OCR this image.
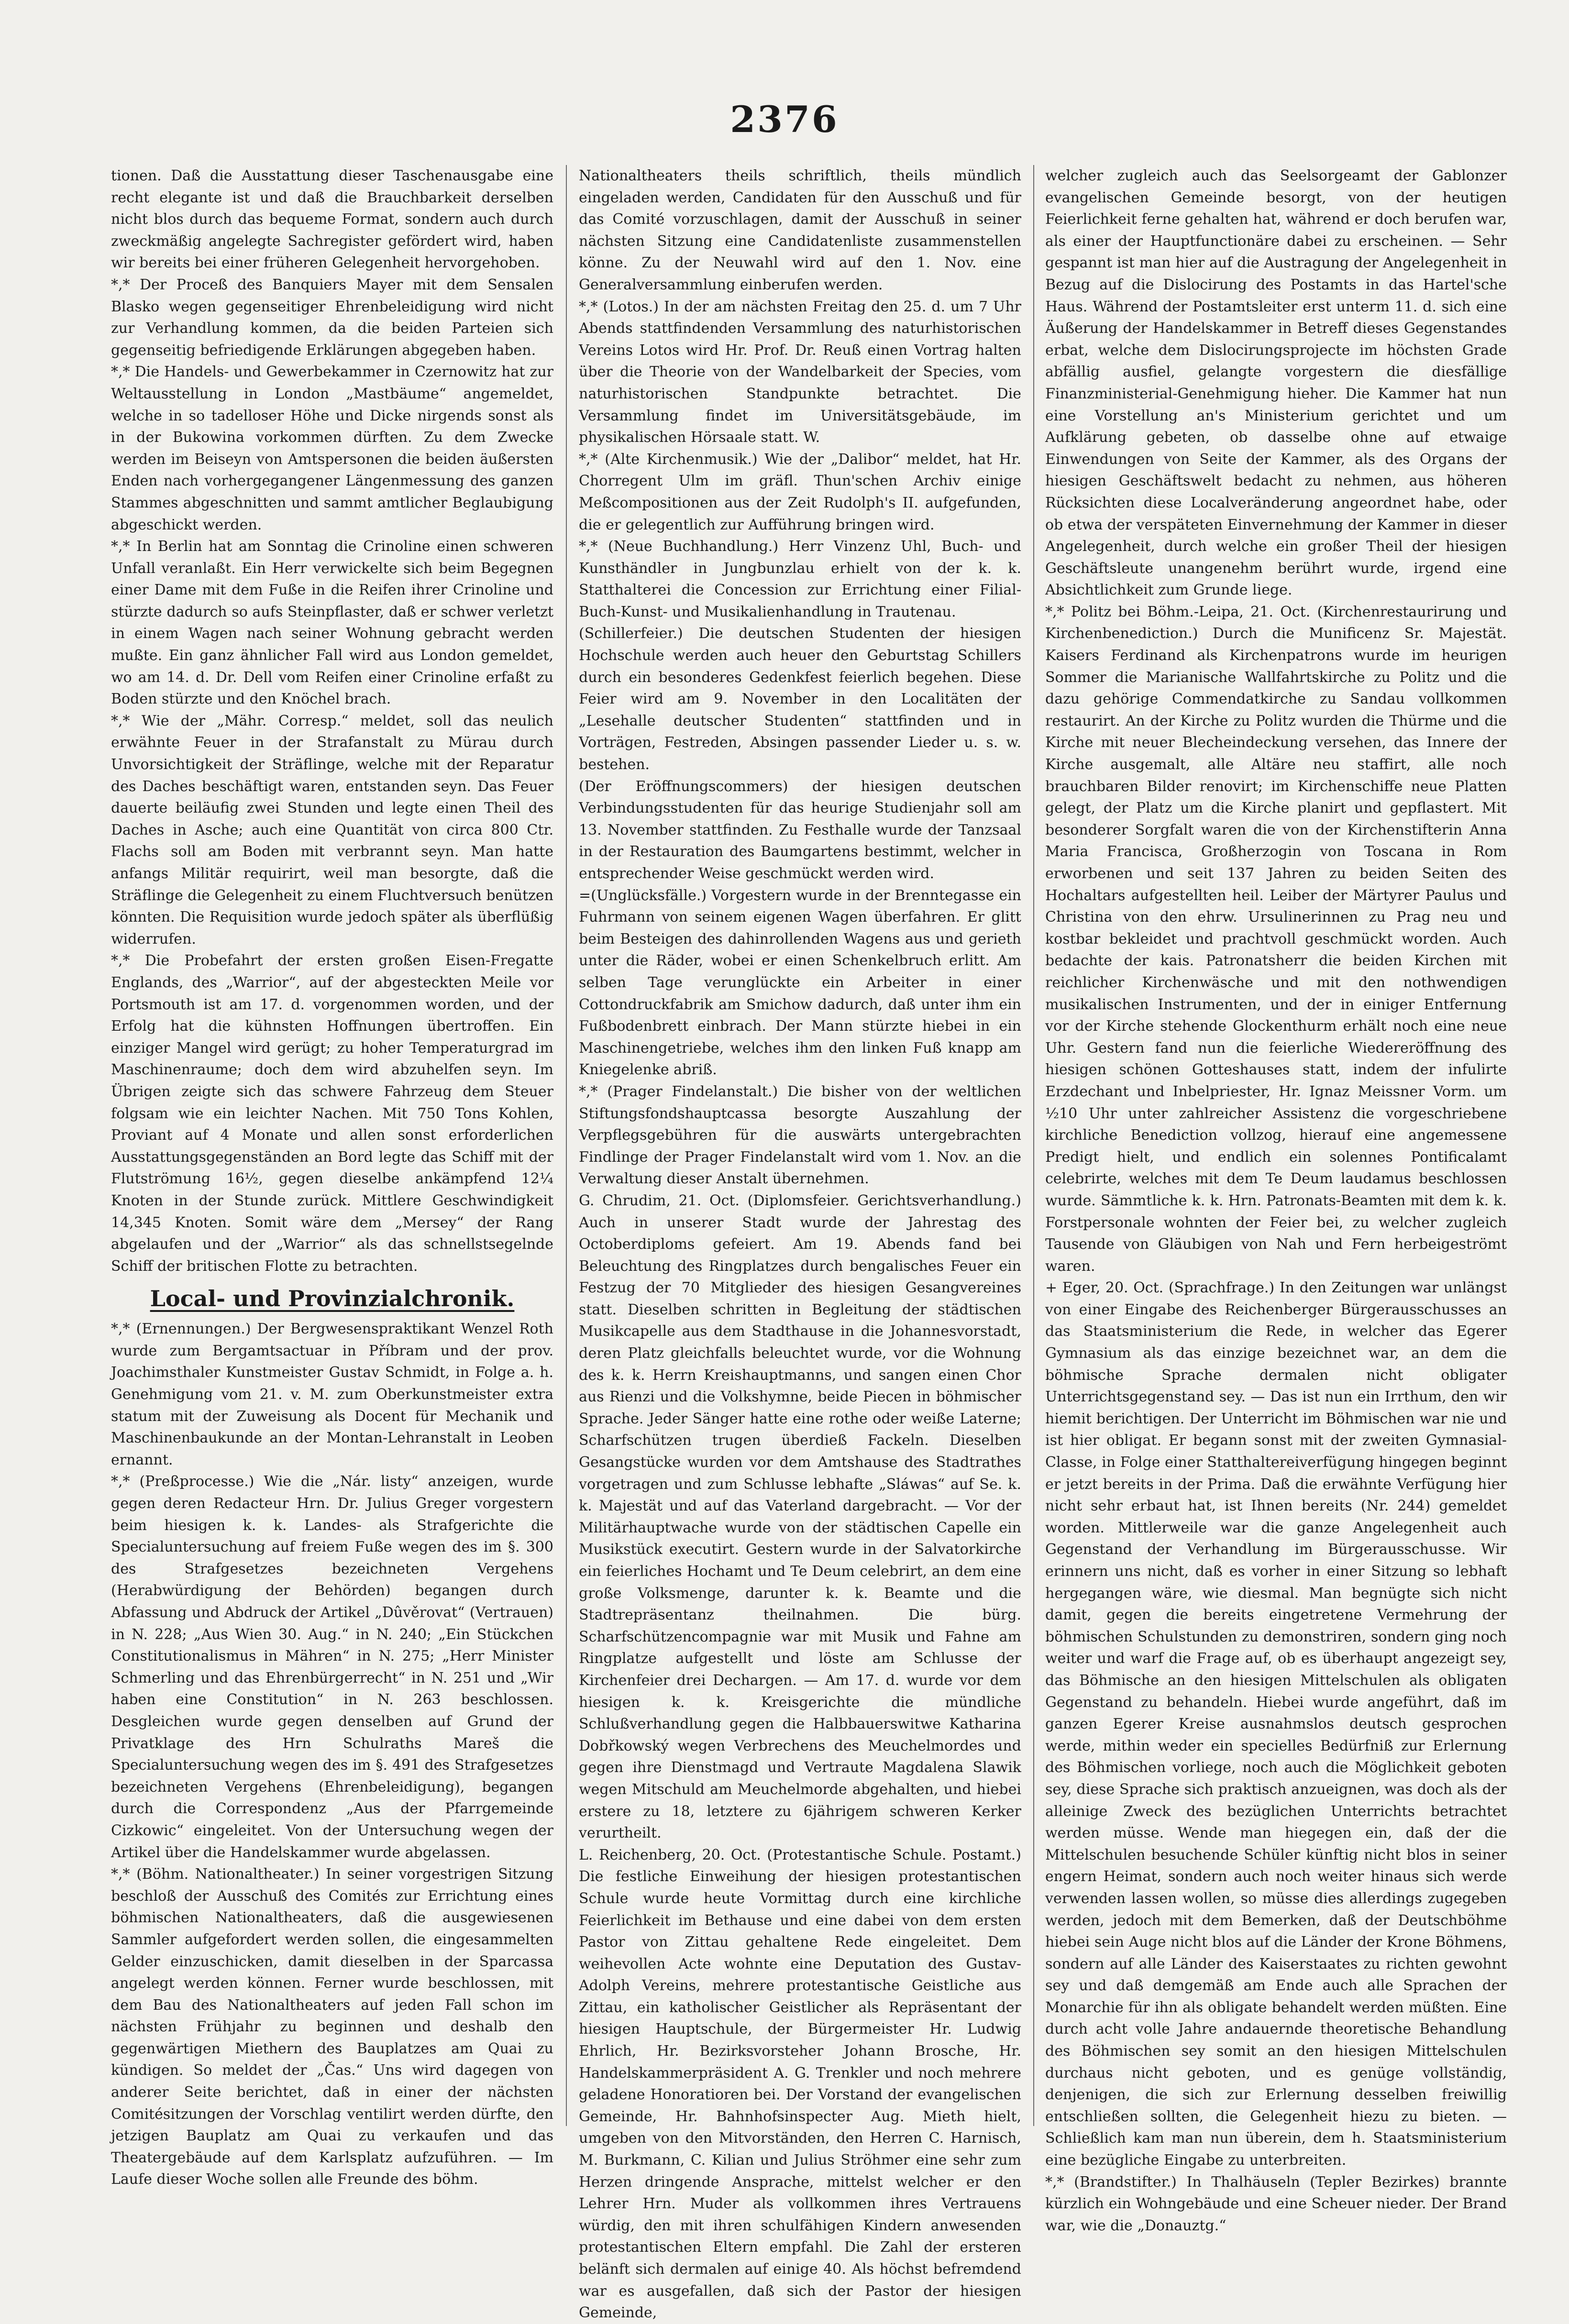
2376

tionen. Daß die Ausstattung dieser Taschenausgabe eine recht elegante ist und daß die Brauchbarkeit derselben nicht blos durch das bequeme Format, sondern auch durch zweckmäßig angelegte Sachregister gefördert wird, haben wir bereits bei einer früheren Gelegenheit hervorgehoben.

*,* Der Proceß des Banquiers Mayer mit dem Sensalen Blasko wegen gegenseitiger Ehrenbeleidigung wird nicht zur Verhandlung kommen, da die beiden Parteien sich gegenseitig befriedigende Erklärungen abgegeben haben.

*,* Die Handels- und Gewerbekammer in Czernowitz hat zur Weltausstellung in London „Mastbäume“ angemeldet, welche in so tadelloser Höhe und Dicke nirgends sonst als in der Bukowina vorkommen dürften. Zu dem Zwecke werden im Beiseyn von Amtspersonen die beiden äußersten Enden nach vorhergegangener Längenmessung des ganzen Stammes abgeschnitten und sammt amtlicher Beglaubigung abgeschickt werden.

*,* In Berlin hat am Sonntag die Crinoline einen schweren Unfall veranlaßt. Ein Herr verwickelte sich beim Begegnen einer Dame mit dem Fuße in die Reifen ihrer Crinoline und stürzte dadurch so aufs Steinpflaster, daß er schwer verletzt in einem Wagen nach seiner Wohnung gebracht werden mußte. Ein ganz ähnlicher Fall wird aus London gemeldet, wo am 14. d. Dr. Dell vom Reifen einer Crinoline erfaßt zu Boden stürzte und den Knöchel brach.

*,* Wie der „Mähr. Corresp.“ meldet, soll das neulich erwähnte Feuer in der Strafanstalt zu Mürau durch Unvorsichtigkeit der Sträflinge, welche mit der Reparatur des Daches beschäftigt waren, entstanden seyn. Das Feuer dauerte beiläufig zwei Stunden und legte einen Theil des Daches in Asche; auch eine Quantität von circa 800 Ctr. Flachs soll am Boden mit verbrannt seyn. Man hatte anfangs Militär requirirt, weil man besorgte, daß die Sträflinge die Gelegenheit zu einem Fluchtversuch benützen könnten. Die Requisition wurde jedoch später als überflüßig widerrufen.

*,* Die Probefahrt der ersten großen Eisen-Fregatte Englands, des „Warrior“, auf der abgesteckten Meile vor Portsmouth ist am 17. d. vorgenommen worden, und der Erfolg hat die kühnsten Hoffnungen übertroffen. Ein einziger Mangel wird gerügt; zu hoher Temperaturgrad im Maschinenraume; doch dem wird abzuhelfen seyn. Im Übrigen zeigte sich das schwere Fahrzeug dem Steuer folgsam wie ein leichter Nachen. Mit 750 Tons Kohlen, Proviant auf 4 Monate und allen sonst erforderlichen Ausstattungsgegenständen an Bord legte das Schiff mit der Flutströmung 16½, gegen dieselbe ankämpfend 12¼ Knoten in der Stunde zurück. Mittlere Geschwindigkeit 14,345 Knoten. Somit wäre dem „Mersey“ der Rang abgelaufen und der „Warrior“ als das schnellstsegelnde Schiff der britischen Flotte zu betrachten.

Local- und Provinzialchronik.

*,* (Ernennungen.) Der Bergwesenspraktikant Wenzel Roth wurde zum Bergamtsactuar in Příbram und der prov. Joachimsthaler Kunstmeister Gustav Schmidt, in Folge a. h. Genehmigung vom 21. v. M. zum Oberkunstmeister extra statum mit der Zuweisung als Docent für Mechanik und Maschinenbaukunde an der Montan-Lehranstalt in Leoben ernannt.

*,* (Preßprocesse.) Wie die „Nár. listy“ anzeigen, wurde gegen deren Redacteur Hrn. Dr. Julius Greger vorgestern beim hiesigen k. k. Landes- als Strafgerichte die Specialuntersuchung auf freiem Fuße wegen des im §. 300 des Strafgesetzes bezeichneten Vergehens (Herabwürdigung der Behörden) begangen durch Abfassung und Abdruck der Artikel „Dûvěrovat“ (Vertrauen) in N. 228; „Aus Wien 30. Aug.“ in N. 240; „Ein Stückchen Constitutionalismus in Mähren“ in N. 275; „Herr Minister Schmerling und das Ehrenbürgerrecht“ in N. 251 und „Wir haben eine Constitution“ in N. 263 beschlossen. Desgleichen wurde gegen denselben auf Grund der Privatklage des Hrn Schulraths Mareš die Specialuntersuchung wegen des im §. 491 des Strafgesetzes bezeichneten Vergehens (Ehrenbeleidigung), begangen durch die Correspondenz „Aus der Pfarrgemeinde Cizkowic“ eingeleitet. Von der Untersuchung wegen der Artikel über die Handelskammer wurde abgelassen.

*,* (Böhm. Nationaltheater.) In seiner vorgestrigen Sitzung beschloß der Ausschuß des Comités zur Errichtung eines böhmischen Nationaltheaters, daß die ausgewiesenen Sammler aufgefordert werden sollen, die eingesammelten Gelder einzuschicken, damit dieselben in der Sparcassa angelegt werden können. Ferner wurde beschlossen, mit dem Bau des Nationaltheaters auf jeden Fall schon im nächsten Frühjahr zu beginnen und deshalb den gegenwärtigen Miethern des Bauplatzes am Quai zu kündigen. So meldet der „Čas.“ Uns wird dagegen von anderer Seite berichtet, daß in einer der nächsten Comitésitzungen der Vorschlag ventilirt werden dürfte, den jetzigen Bauplatz am Quai zu verkaufen und das Theatergebäude auf dem Karlsplatz aufzuführen. — Im Laufe dieser Woche sollen alle Freunde des böhm.

Nationaltheaters theils schriftlich, theils mündlich eingeladen werden, Candidaten für den Ausschuß und für das Comité vorzuschlagen, damit der Ausschuß in seiner nächsten Sitzung eine Candidatenliste zusammenstellen könne. Zu der Neuwahl wird auf den 1. Nov. eine Generalversammlung einberufen werden.

*,* (Lotos.) In der am nächsten Freitag den 25. d. um 7 Uhr Abends stattfindenden Versammlung des naturhistorischen Vereins Lotos wird Hr. Prof. Dr. Reuß einen Vortrag halten über die Theorie von der Wandelbarkeit der Species, vom naturhistorischen Standpunkte betrachtet. Die Versammlung findet im Universitätsgebäude, im physikalischen Hörsaale statt. W.

*,* (Alte Kirchenmusik.) Wie der „Dalibor“ meldet, hat Hr. Chorregent Ulm im gräfl. Thun'schen Archiv einige Meßcompositionen aus der Zeit Rudolph's II. aufgefunden, die er gelegentlich zur Aufführung bringen wird.

*,* (Neue Buchhandlung.) Herr Vinzenz Uhl, Buch- und Kunsthändler in Jungbunzlau erhielt von der k. k. Statthalterei die Concession zur Errichtung einer Filial-Buch-Kunst- und Musikalienhandlung in Trautenau.

(Schillerfeier.) Die deutschen Studenten der hiesigen Hochschule werden auch heuer den Geburtstag Schillers durch ein besonderes Gedenkfest feierlich begehen. Diese Feier wird am 9. November in den Localitäten der „Lesehalle deutscher Studenten“ stattfinden und in Vorträgen, Festreden, Absingen passender Lieder u. s. w. bestehen.

(Der Eröffnungscommers) der hiesigen deutschen Verbindungsstudenten für das heurige Studienjahr soll am 13. November stattfinden. Zu Festhalle wurde der Tanzsaal in der Restauration des Baumgartens bestimmt, welcher in entsprechender Weise geschmückt werden wird.

=(Unglücksfälle.) Vorgestern wurde in der Brenntegasse ein Fuhrmann von seinem eigenen Wagen überfahren. Er glitt beim Besteigen des dahinrollenden Wagens aus und gerieth unter die Räder, wobei er einen Schenkelbruch erlitt. Am selben Tage verunglückte ein Arbeiter in einer Cottondruckfabrik am Smichow dadurch, daß unter ihm ein Fußbodenbrett einbrach. Der Mann stürzte hiebei in ein Maschinengetriebe, welches ihm den linken Fuß knapp am Kniegelenke abriß.

*,* (Prager Findelanstalt.) Die bisher von der weltlichen Stiftungsfondshauptcassa besorgte Auszahlung der Verpflegsgebühren für die auswärts untergebrachten Findlinge der Prager Findelanstalt wird vom 1. Nov. an die Verwaltung dieser Anstalt übernehmen.

G. Chrudim, 21. Oct. (Diplomsfeier. Gerichtsverhandlung.) Auch in unserer Stadt wurde der Jahrestag des Octoberdiploms gefeiert. Am 19. Abends fand bei Beleuchtung des Ringplatzes durch bengalisches Feuer ein Festzug der 70 Mitglieder des hiesigen Gesangvereines statt. Dieselben schritten in Begleitung der städtischen Musikcapelle aus dem Stadthause in die Johannesvorstadt, deren Platz gleichfalls beleuchtet wurde, vor die Wohnung des k. k. Herrn Kreishauptmanns, und sangen einen Chor aus Rienzi und die Volkshymne, beide Piecen in böhmischer Sprache. Jeder Sänger hatte eine rothe oder weiße Laterne; Scharfschützen trugen überdieß Fackeln. Dieselben Gesangstücke wurden vor dem Amtshause des Stadtrathes vorgetragen und zum Schlusse lebhafte „Sláwas“ auf Se. k. k. Majestät und auf das Vaterland dargebracht. — Vor der Militärhauptwache wurde von der städtischen Capelle ein Musikstück executirt. Gestern wurde in der Salvatorkirche ein feierliches Hochamt und Te Deum celebrirt, an dem eine große Volksmenge, darunter k. k. Beamte und die Stadtrepräsentanz theilnahmen. Die bürg. Scharfschützencompagnie war mit Musik und Fahne am Ringplatze aufgestellt und löste am Schlusse der Kirchenfeier drei Dechargen. — Am 17. d. wurde vor dem hiesigen k. k. Kreisgerichte die mündliche Schlußverhandlung gegen die Halbbauerswitwe Katharina Dobřkowský wegen Verbrechens des Meuchelmordes und gegen ihre Dienstmagd und Vertraute Magdalena Slawik wegen Mitschuld am Meuchelmorde abgehalten, und hiebei erstere zu 18, letztere zu 6jährigem schweren Kerker verurtheilt.

L. Reichenberg, 20. Oct. (Protestantische Schule. Postamt.) Die festliche Einweihung der hiesigen protestantischen Schule wurde heute Vormittag durch eine kirchliche Feierlichkeit im Bethause und eine dabei von dem ersten Pastor von Zittau gehaltene Rede eingeleitet. Dem weihevollen Acte wohnte eine Deputation des Gustav-Adolph Vereins, mehrere protestantische Geistliche aus Zittau, ein katholischer Geistlicher als Repräsentant der hiesigen Hauptschule, der Bürgermeister Hr. Ludwig Ehrlich, Hr. Bezirksvorsteher Johann Brosche, Hr. Handelskammerpräsident A. G. Trenkler und noch mehrere geladene Honoratioren bei. Der Vorstand der evangelischen Gemeinde, Hr. Bahnhofsinspecter Aug. Mieth hielt, umgeben von den Mitvorständen, den Herren C. Harnisch, M. Burkmann, C. Kilian und Julius Ströhmer eine sehr zum Herzen dringende Ansprache, mittelst welcher er den Lehrer Hrn. Muder als vollkommen ihres Vertrauens würdig, den mit ihren schulfähigen Kindern anwesenden protestantischen Eltern empfahl. Die Zahl der ersteren belänft sich dermalen auf einige 40. Als höchst befremdend war es ausgefallen, daß sich der Pastor der hiesigen Gemeinde,

welcher zugleich auch das Seelsorgeamt der Gablonzer evangelischen Gemeinde besorgt, von der heutigen Feierlichkeit ferne gehalten hat, während er doch berufen war, als einer der Hauptfunctionäre dabei zu erscheinen. — Sehr gespannt ist man hier auf die Austragung der Angelegenheit in Bezug auf die Dislocirung des Postamts in das Hartel'sche Haus. Während der Postamtsleiter erst unterm 11. d. sich eine Äußerung der Handelskammer in Betreff dieses Gegenstandes erbat, welche dem Dislocirungsprojecte im höchsten Grade abfällig ausfiel, gelangte vorgestern die diesfällige Finanzministerial-Genehmigung hieher. Die Kammer hat nun eine Vorstellung an's Ministerium gerichtet und um Aufklärung gebeten, ob dasselbe ohne auf etwaige Einwendungen von Seite der Kammer, als des Organs der hiesigen Geschäftswelt bedacht zu nehmen, aus höheren Rücksichten diese Localveränderung angeordnet habe, oder ob etwa der verspäteten Einvernehmung der Kammer in dieser Angelegenheit, durch welche ein großer Theil der hiesigen Geschäftsleute unangenehm berührt wurde, irgend eine Absichtlichkeit zum Grunde liege.

*,* Politz bei Böhm.-Leipa, 21. Oct. (Kirchenrestaurirung und Kirchenbenediction.) Durch die Munificenz Sr. Majestät. Kaisers Ferdinand als Kirchenpatrons wurde im heurigen Sommer die Marianische Wallfahrtskirche zu Politz und die dazu gehörige Commendatkirche zu Sandau vollkommen restaurirt. An der Kirche zu Politz wurden die Thürme und die Kirche mit neuer Blecheindeckung versehen, das Innere der Kirche ausgemalt, alle Altäre neu staffirt, alle noch brauchbaren Bilder renovirt; im Kirchenschiffe neue Platten gelegt, der Platz um die Kirche planirt und gepflastert. Mit besonderer Sorgfalt waren die von der Kirchenstifterin Anna Maria Francisca, Großherzogin von Toscana in Rom erworbenen und seit 137 Jahren zu beiden Seiten des Hochaltars aufgestellten heil. Leiber der Märtyrer Paulus und Christina von den ehrw. Ursulinerinnen zu Prag neu und kostbar bekleidet und prachtvoll geschmückt worden. Auch bedachte der kais. Patronatsherr die beiden Kirchen mit reichlicher Kirchenwäsche und mit den nothwendigen musikalischen Instrumenten, und der in einiger Entfernung vor der Kirche stehende Glockenthurm erhält noch eine neue Uhr. Gestern fand nun die feierliche Wiedereröffnung des hiesigen schönen Gotteshauses statt, indem der infulirte Erzdechant und Inbelpriester, Hr. Ignaz Meissner Vorm. um ½10 Uhr unter zahlreicher Assistenz die vorgeschriebene kirchliche Benediction vollzog, hierauf eine angemessene Predigt hielt, und endlich ein solennes Pontificalamt celebrirte, welches mit dem Te Deum laudamus beschlossen wurde. Sämmtliche k. k. Hrn. Patronats-Beamten mit dem k. k. Forstpersonale wohnten der Feier bei, zu welcher zugleich Tausende von Gläubigen von Nah und Fern herbeigeströmt waren.

+ Eger, 20. Oct. (Sprachfrage.) In den Zeitungen war unlängst von einer Eingabe des Reichenberger Bürgerausschusses an das Staatsministerium die Rede, in welcher das Egerer Gymnasium als das einzige bezeichnet war, an dem die böhmische Sprache dermalen nicht obligater Unterrichtsgegenstand sey. — Das ist nun ein Irrthum, den wir hiemit berichtigen. Der Unterricht im Böhmischen war nie und ist hier obligat. Er begann sonst mit der zweiten Gymnasial-Classe, in Folge einer Statthaltereiverfügung hingegen beginnt er jetzt bereits in der Prima. Daß die erwähnte Verfügung hier nicht sehr erbaut hat, ist Ihnen bereits (Nr. 244) gemeldet worden. Mittlerweile war die ganze Angelegenheit auch Gegenstand der Verhandlung im Bürgerausschusse. Wir erinnern uns nicht, daß es vorher in einer Sitzung so lebhaft hergegangen wäre, wie diesmal. Man begnügte sich nicht damit, gegen die bereits eingetretene Vermehrung der böhmischen Schulstunden zu demonstriren, sondern ging noch weiter und warf die Frage auf, ob es überhaupt angezeigt sey, das Böhmische an den hiesigen Mittelschulen als obligaten Gegenstand zu behandeln. Hiebei wurde angeführt, daß im ganzen Egerer Kreise ausnahmslos deutsch gesprochen werde, mithin weder ein specielles Bedürfniß zur Erlernung des Böhmischen vorliege, noch auch die Möglichkeit geboten sey, diese Sprache sich praktisch anzueignen, was doch als der alleinige Zweck des bezüglichen Unterrichts betrachtet werden müsse. Wende man hiegegen ein, daß der die Mittelschulen besuchende Schüler künftig nicht blos in seiner engern Heimat, sondern auch noch weiter hinaus sich werde verwenden lassen wollen, so müsse dies allerdings zugegeben werden, jedoch mit dem Bemerken, daß der Deutschböhme hiebei sein Auge nicht blos auf die Länder der Krone Böhmens, sondern auf alle Länder des Kaiserstaates zu richten gewohnt sey und daß demgemäß am Ende auch alle Sprachen der Monarchie für ihn als obligate behandelt werden müßten. Eine durch acht volle Jahre andauernde theoretische Behandlung des Böhmischen sey somit an den hiesigen Mittelschulen durchaus nicht geboten, und es genüge vollständig, denjenigen, die sich zur Erlernung desselben freiwillig entschließen sollten, die Gelegenheit hiezu zu bieten. — Schließlich kam man nun überein, dem h. Staatsministerium eine bezügliche Eingabe zu unterbreiten.

*,* (Brandstifter.) In Thalhäuseln (Tepler Bezirkes) brannte kürzlich ein Wohngebäude und eine Scheuer nieder. Der Brand war, wie die „Donauztg.“
